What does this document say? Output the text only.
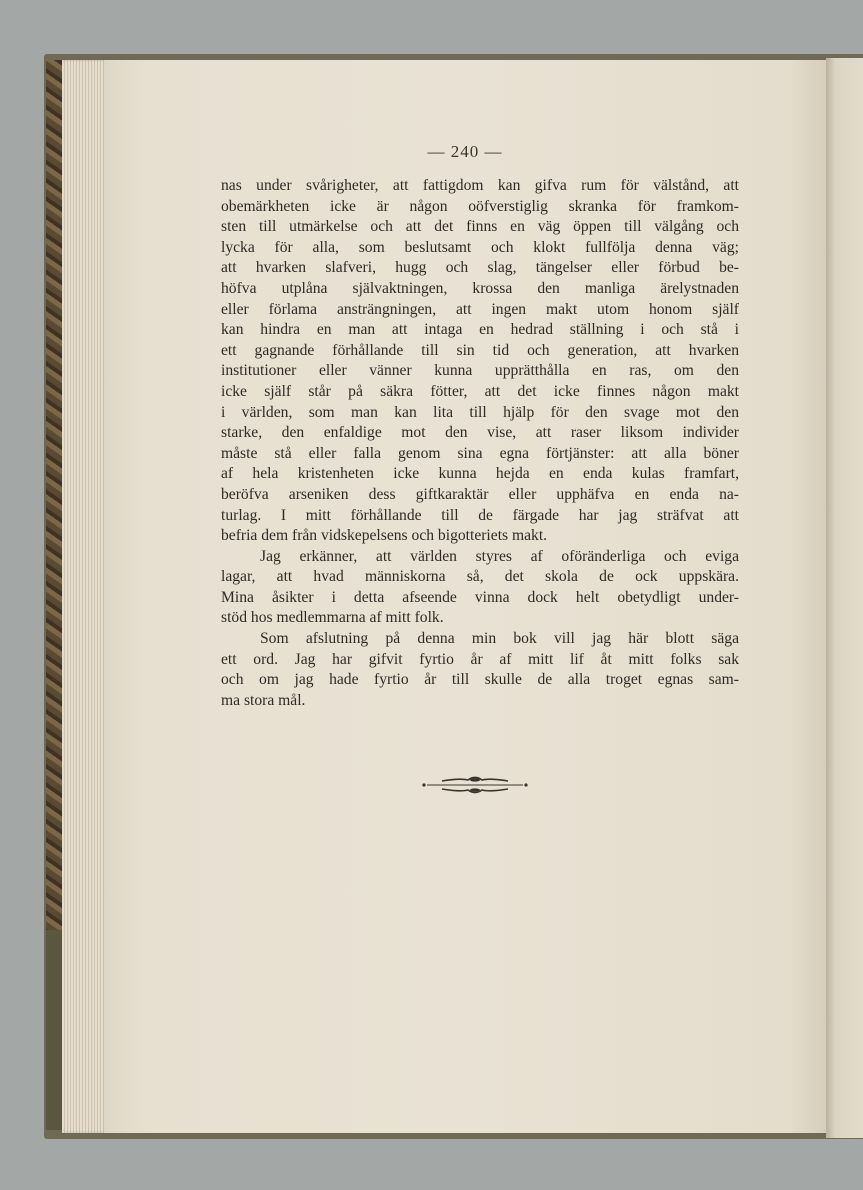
— 240 —

nas under svårigheter, att fattigdom kan gifva rum för välstånd, att
obemärkheten icke är någon oöfverstiglig skranka för framkom-
sten till utmärkelse och att det finns en väg öppen till välgång och
lycka för alla, som beslutsamt och klokt fullfölja denna väg;
att hvarken slafveri, hugg och slag, tängelser eller förbud be-
höfva utplåna självaktningen, krossa den manliga ärelystnaden
eller förlama ansträngningen, att ingen makt utom honom själf
kan hindra en man att intaga en hedrad ställning i och stå i
ett gagnande förhållande till sin tid och generation, att hvarken
institutioner eller vänner kunna upprätthålla en ras, om den
icke själf står på säkra fötter, att det icke finnes någon makt
i världen, som man kan lita till hjälp för den svage mot den
starke, den enfaldige mot den vise, att raser liksom individer
måste stå eller falla genom sina egna förtjänster: att alla böner
af hela kristenheten icke kunna hejda en enda kulas framfart,
beröfva arseniken dess giftkaraktär eller upphäfva en enda na-
turlag. I mitt förhållande till de färgade har jag sträfvat att
befria dem från vidskepelsens och bigotteriets makt.
Jag erkänner, att världen styres af oföränderliga och eviga
lagar, att hvad människorna så, det skola de ock uppskära.
Mina åsikter i detta afseende vinna dock helt obetydligt under-
stöd hos medlemmarna af mitt folk.
Som afslutning på denna min bok vill jag här blott säga
ett ord. Jag har gifvit fyrtio år af mitt lif åt mitt folks sak
och om jag hade fyrtio år till skulle de alla troget egnas sam-
ma stora mål.
